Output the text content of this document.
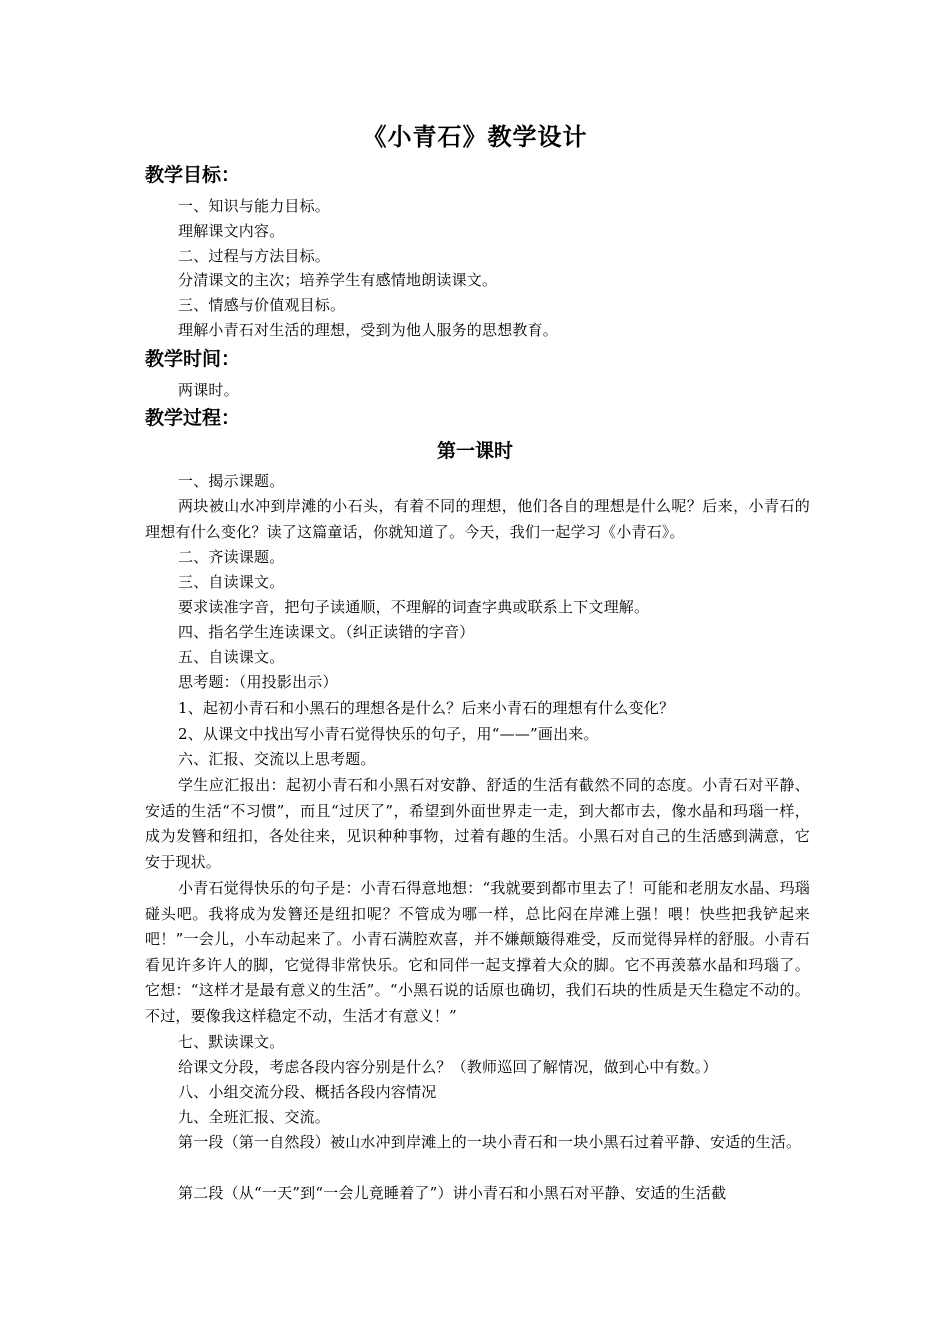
《小青石》教学设计
教学目标：
一、知识与能力目标。
理解课文内容。
二、过程与方法目标。
分清课文的主次；培养学生有感情地朗读课文。
三、情感与价值观目标。
理解小青石对生活的理想，受到为他人服务的思想教育。
教学时间：
两课时。
教学过程：
第一课时
一、揭示课题。
两块被山水冲到岸滩的小石头，有着不同的理想，他们各自的理想是什么呢？后来，小青石的理想有什么变化？读了这篇童话，你就知道了。今天，我们一起学习《小青石》。
二、齐读课题。
三、自读课文。
要求读准字音，把句子读通顺，不理解的词查字典或联系上下文理解。
四、指名学生连读课文。（纠正读错的字音）
五、自读课文。
思考题：（用投影出示）
1、起初小青石和小黑石的理想各是什么？后来小青石的理想有什么变化？
2、从课文中找出写小青石觉得快乐的句子，用“——”画出来。
六、汇报、交流以上思考题。
学生应汇报出：起初小青石和小黑石对安静、舒适的生活有截然不同的态度。小青石对平静、安适的生活“不习惯”，而且“过厌了”，希望到外面世界走一走，到大都市去，像水晶和玛瑙一样，成为发簪和纽扣，各处往来，见识种种事物，过着有趣的生活。小黑石对自己的生活感到满意，它安于现状。
小青石觉得快乐的句子是：小青石得意地想：“我就要到都市里去了！可能和老朋友水晶、玛瑙碰头吧。我将成为发簪还是纽扣呢？不管成为哪一样，总比闷在岸滩上强！喂！快些把我铲起来吧！”一会儿，小车动起来了。小青石满腔欢喜，并不嫌颠簸得难受，反而觉得异样的舒服。小青石看见许多许人的脚，它觉得非常快乐。它和同伴一起支撑着大众的脚。它不再羡慕水晶和玛瑙了。它想：“这样才是最有意义的生活”。“小黑石说的话原也确切，我们石块的性质是天生稳定不动的。不过，要像我这样稳定不动，生活才有意义！”
七、默读课文。
给课文分段，考虑各段内容分别是什么？（教师巡回了解情况，做到心中有数。）
八、小组交流分段、概括各段内容情况
九、全班汇报、交流。
第一段（第一自然段）被山水冲到岸滩上的一块小青石和一块小黑石过着平静、安适的生活。
第二段（从“一天”到“一会儿竟睡着了”）讲小青石和小黑石对平静、安适的生活截
